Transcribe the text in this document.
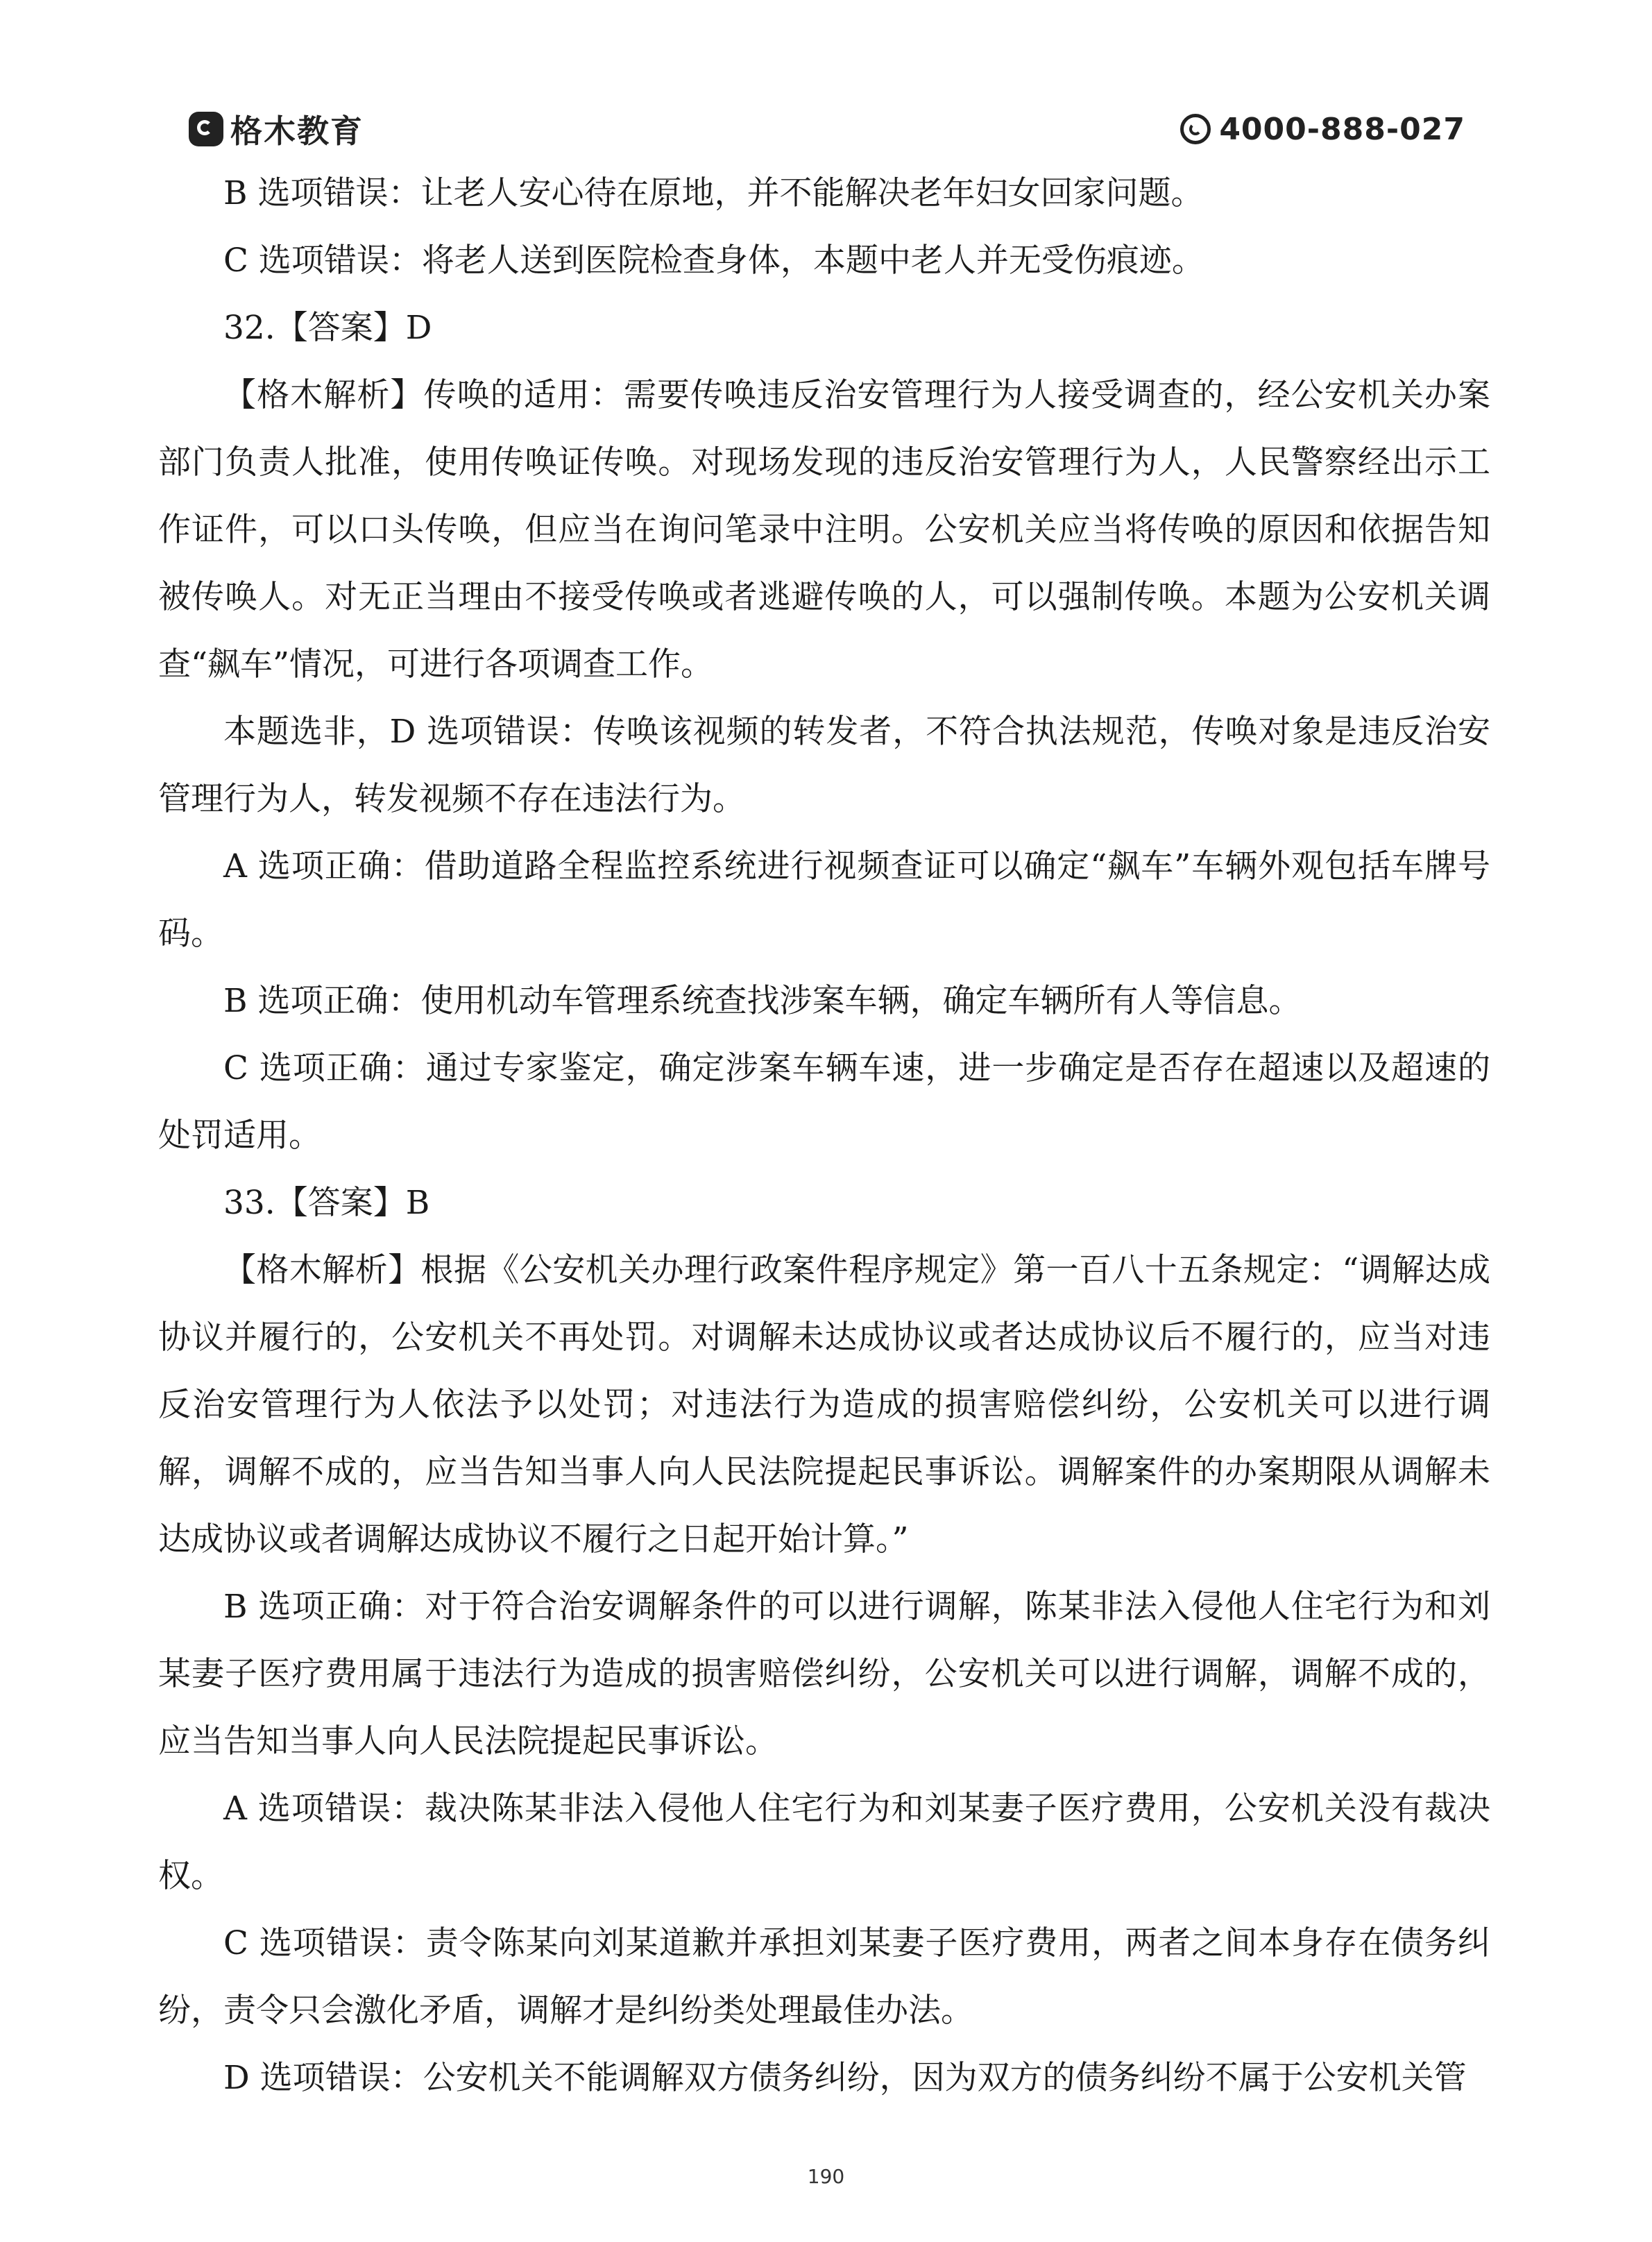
格木教育	4000-888-027

B 选项错误：让老人安心待在原地，并不能解决老年妇女回家问题。

C 选项错误：将老人送到医院检查身体，本题中老人并无受伤痕迹。

32.【答案】D

【格木解析】传唤的适用：需要传唤违反治安管理行为人接受调查的，经公安机关办案部门负责人批准，使用传唤证传唤。对现场发现的违反治安管理行为人，人民警察经出示工作证件，可以口头传唤，但应当在询问笔录中注明。公安机关应当将传唤的原因和依据告知被传唤人。对无正当理由不接受传唤或者逃避传唤的人，可以强制传唤。本题为公安机关调查“飙车”情况，可进行各项调查工作。

本题选非，D 选项错误：传唤该视频的转发者，不符合执法规范，传唤对象是违反治安管理行为人，转发视频不存在违法行为。

A 选项正确：借助道路全程监控系统进行视频查证可以确定“飙车”车辆外观包括车牌号码。

B 选项正确：使用机动车管理系统查找涉案车辆，确定车辆所有人等信息。

C 选项正确：通过专家鉴定，确定涉案车辆车速，进一步确定是否存在超速以及超速的处罚适用。

33.【答案】B

【格木解析】根据《公安机关办理行政案件程序规定》第一百八十五条规定：“调解达成协议并履行的，公安机关不再处罚。对调解未达成协议或者达成协议后不履行的，应当对违反治安管理行为人依法予以处罚；对违法行为造成的损害赔偿纠纷，公安机关可以进行调解，调解不成的，应当告知当事人向人民法院提起民事诉讼。调解案件的办案期限从调解未达成协议或者调解达成协议不履行之日起开始计算。”

B 选项正确：对于符合治安调解条件的可以进行调解，陈某非法入侵他人住宅行为和刘某妻子医疗费用属于违法行为造成的损害赔偿纠纷，公安机关可以进行调解，调解不成的，应当告知当事人向人民法院提起民事诉讼。

A 选项错误：裁决陈某非法入侵他人住宅行为和刘某妻子医疗费用，公安机关没有裁决权。

C 选项错误：责令陈某向刘某道歉并承担刘某妻子医疗费用，两者之间本身存在债务纠纷，责令只会激化矛盾，调解才是纠纷类处理最佳办法。

D 选项错误：公安机关不能调解双方债务纠纷，因为双方的债务纠纷不属于公安机关管

190
